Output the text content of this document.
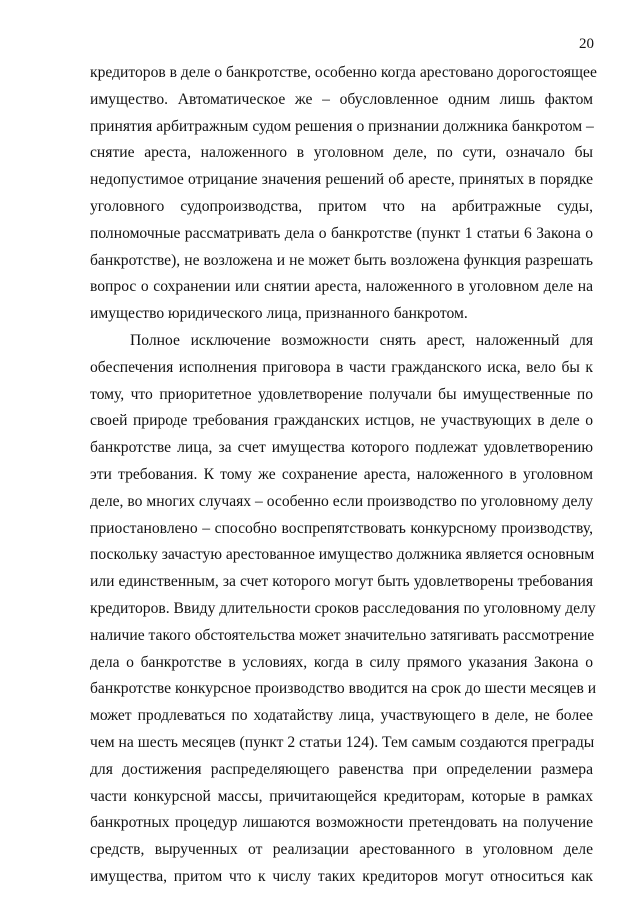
20
кредиторов в деле о банкротстве, особенно когда арестовано дорогостоящее
имущество. Автоматическое же – обусловленное одним лишь фактом
принятия арбитражным судом решения о признании должника банкротом –
снятие ареста, наложенного в уголовном деле, по сути, означало бы
недопустимое отрицание значения решений об аресте, принятых в порядке
уголовного судопроизводства, притом что на арбитражные суды,
полномочные рассматривать дела о банкротстве (пункт 1 статьи 6 Закона о
банкротстве), не возложена и не может быть возложена функция разрешать
вопрос о сохранении или снятии ареста, наложенного в уголовном деле на
имущество юридического лица, признанного банкротом.
Полное исключение возможности снять арест, наложенный для
обеспечения исполнения приговора в части гражданского иска, вело бы к
тому, что приоритетное удовлетворение получали бы имущественные по
своей природе требования гражданских истцов, не участвующих в деле о
банкротстве лица, за счет имущества которого подлежат удовлетворению
эти требования. К тому же сохранение ареста, наложенного в уголовном
деле, во многих случаях – особенно если производство по уголовному делу
приостановлено – способно воспрепятствовать конкурсному производству,
поскольку зачастую арестованное имущество должника является основным
или единственным, за счет которого могут быть удовлетворены требования
кредиторов. Ввиду длительности сроков расследования по уголовному делу
наличие такого обстоятельства может значительно затягивать рассмотрение
дела о банкротстве в условиях, когда в силу прямого указания Закона о
банкротстве конкурсное производство вводится на срок до шести месяцев и
может продлеваться по ходатайству лица, участвующего в деле, не более
чем на шесть месяцев (пункт 2 статьи 124). Тем самым создаются преграды
для достижения распределяющего равенства при определении размера
части конкурсной массы, причитающейся кредиторам, которые в рамках
банкротных процедур лишаются возможности претендовать на получение
средств, вырученных от реализации арестованного в уголовном деле
имущества, притом что к числу таких кредиторов могут относиться как
